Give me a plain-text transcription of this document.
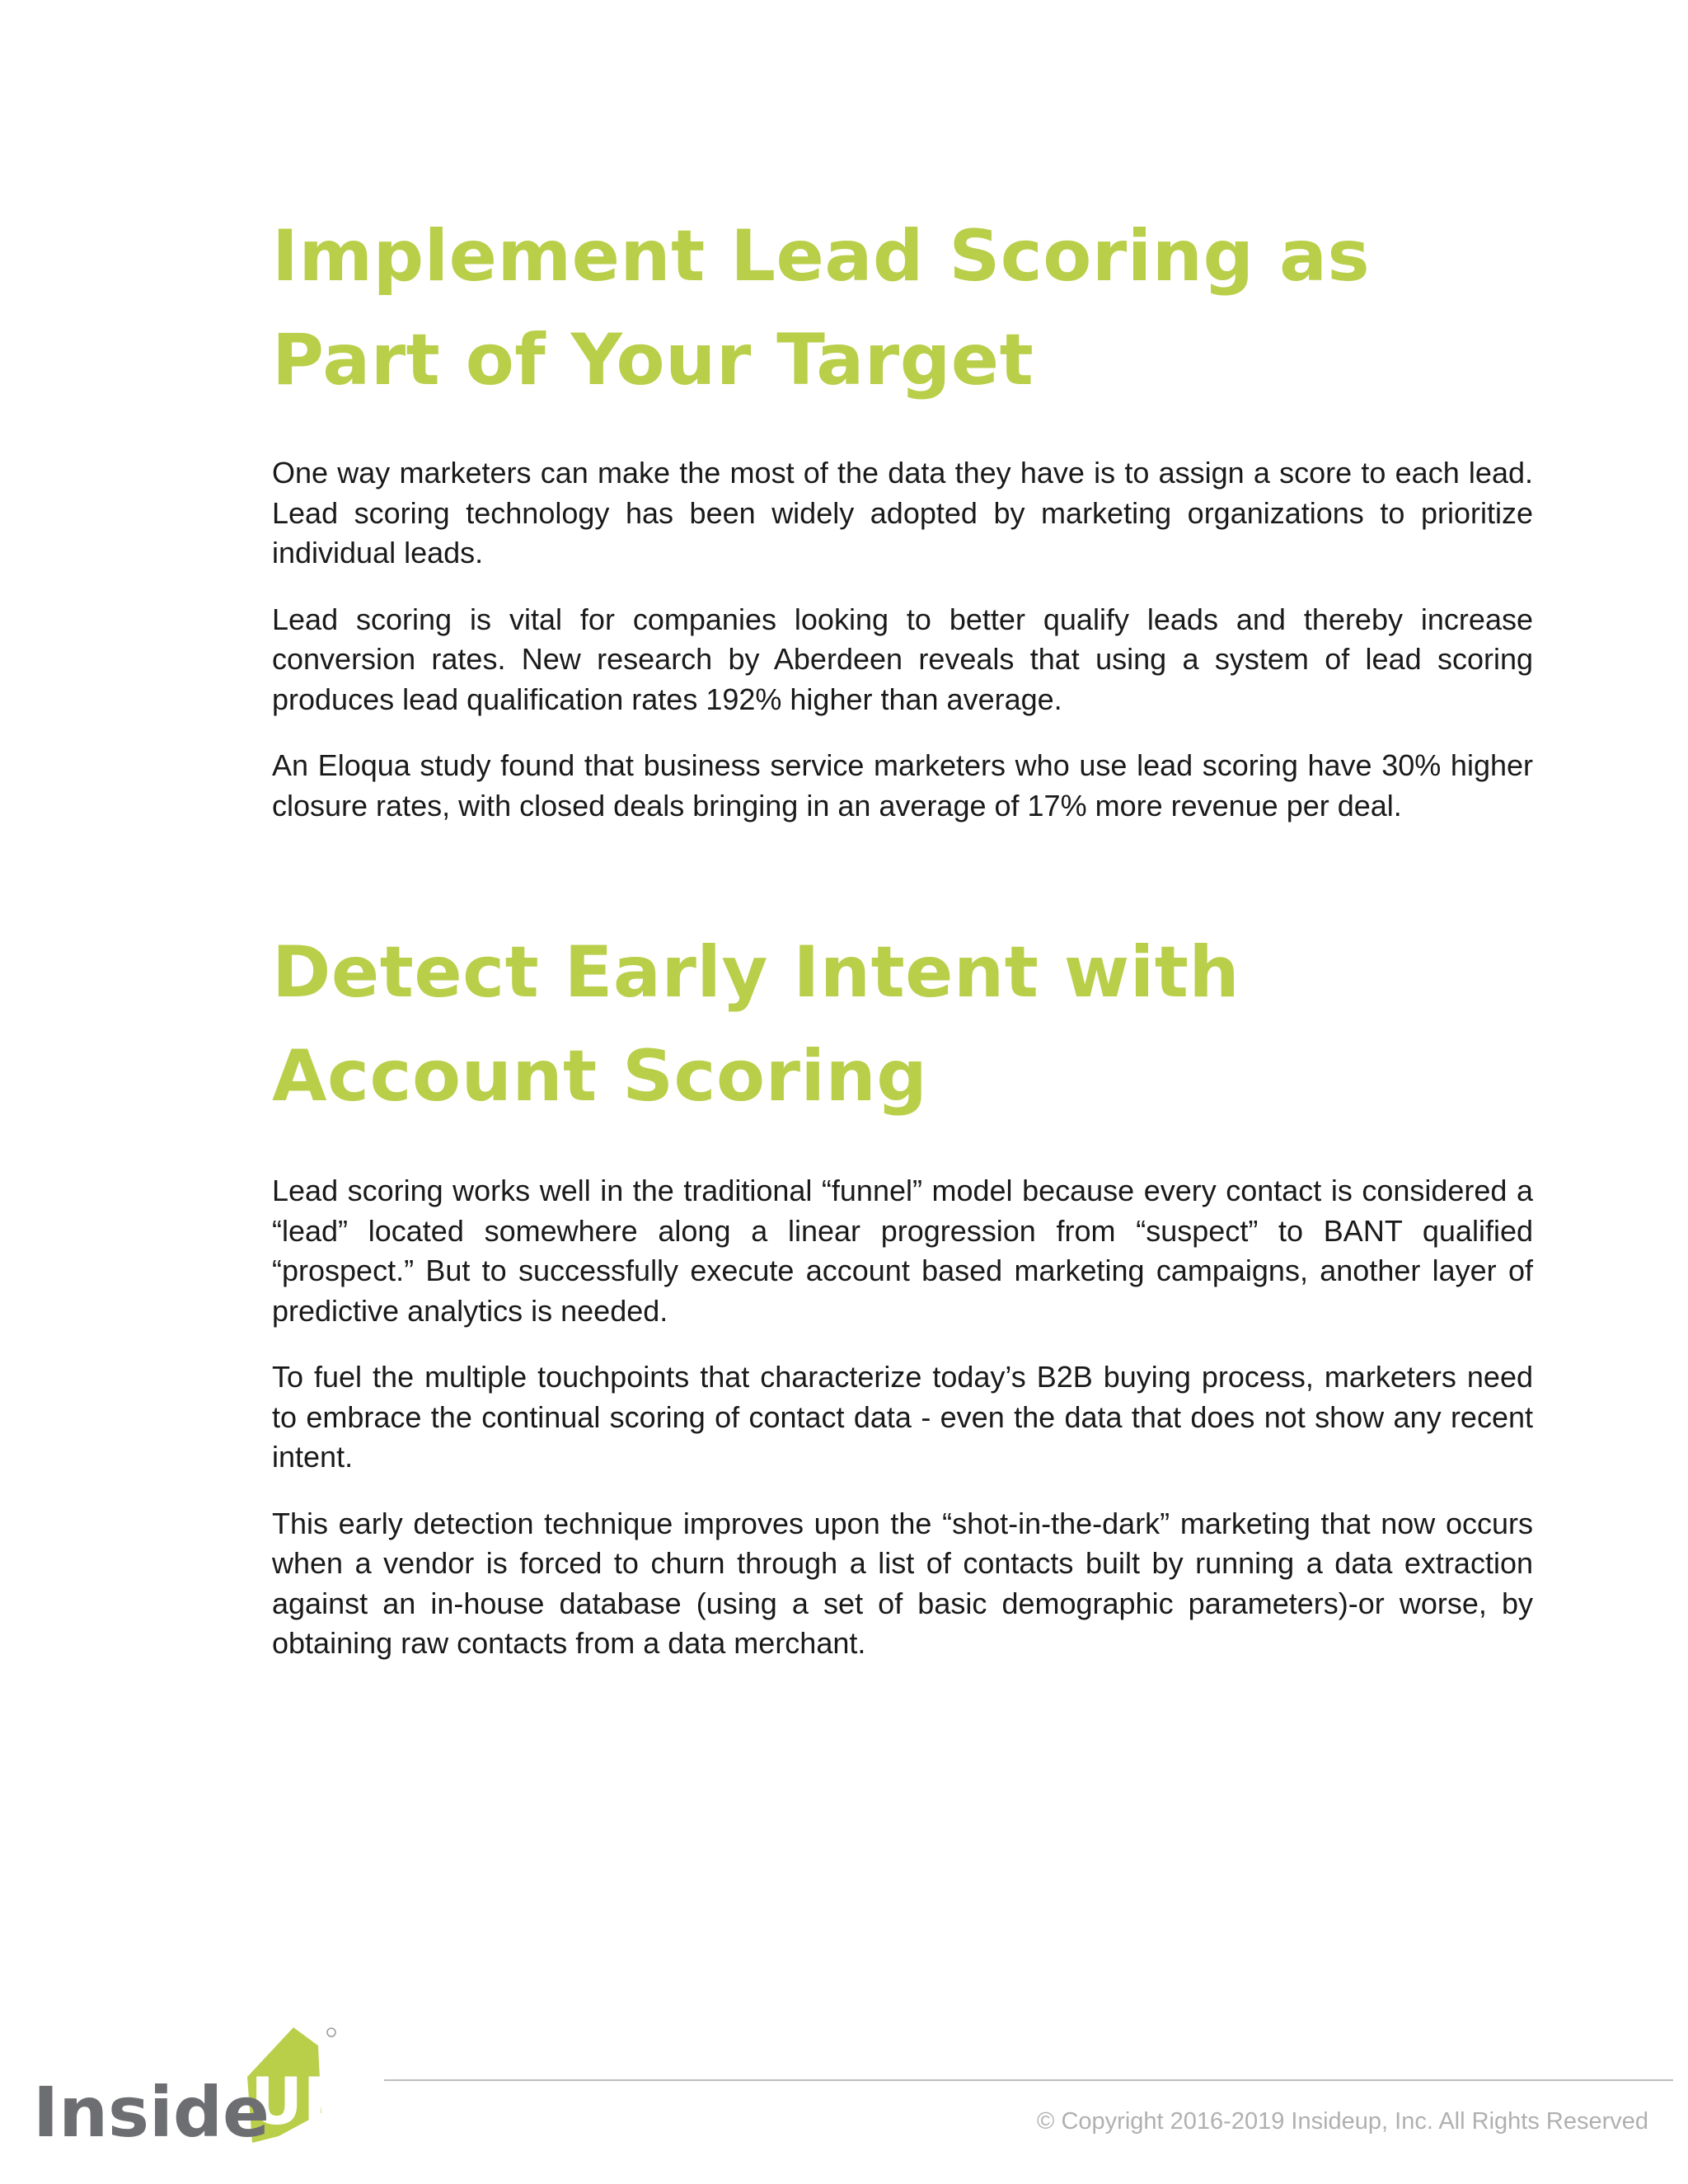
Implement Lead Scoring as Part of Your Target

One way marketers can make the most of the data they have is to assign a score to each lead. Lead scoring technology has been widely adopted by marketing organizations to prioritize individual leads.

Lead scoring is vital for companies looking to better qualify leads and thereby increase conversion rates. New research by Aberdeen reveals that using a system of lead scoring produces lead qualification rates 192% higher than average.

An Eloqua study found that business service marketers who use lead scoring have 30% higher closure rates, with closed deals bringing in an average of 17% more revenue per deal.

Detect Early Intent with Account Scoring

Lead scoring works well in the traditional “funnel” model because every contact is considered a “lead” located somewhere along a linear progression from “suspect” to BANT qualified “prospect.” But to successfully execute account based marketing campaigns, another layer of predictive analytics is needed.

To fuel the multiple touchpoints that characterize today’s B2B buying process, marketers need to embrace the continual scoring of contact data - even the data that does not show any recent intent.

This early detection technique improves upon the “shot-in-the-dark” marketing that now occurs when a vendor is forced to churn through a list of contacts built by running a data extraction against an in-house database (using a set of basic demographic parameters)-or worse, by obtaining raw contacts from a data merchant.

UP
Inside	© Copyright 2016-2019 Insideup, Inc. All Rights Reserved
